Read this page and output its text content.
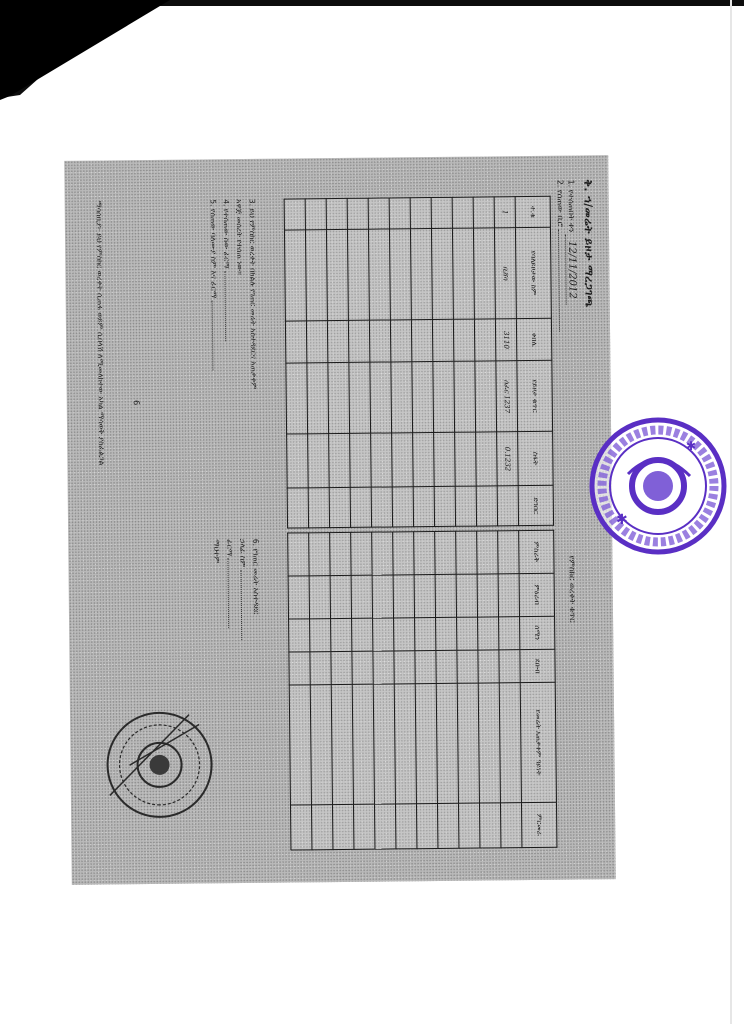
ቅ. ኀ/መሬት ይዞታ ማረጋገጫ
1. የተሰጠበት ቀን 12/11/2012
2. የሰጠው ቢሮ
የምስክር ወረቀት ቁጥር
ተ.ቁ	የባለይዞታው ስም	ቀበሌ	የይዞታ ቁጥር	ስፋት	ድንበር
1	ቢሸሳ	3110	ሰፈር 1237	0.1232	

ምስራቅ	ምዕራብ	ሰሜን	ደቡብ	የመሬት አጠቃቀም ዓይነት	ምርመራ

3. ይህ የምስክር ወረቀት በክልሉ የገጠር መሬት አስተዳደርና አጠቃቀም
አዋጅ መሰረት የተሰጠ ነው።
4. የተሰጠው ሰው ፊርማ
5. የሰጠው ባለሙያ ስም እና ፊርማ
6. የገጠር መሬት አስተዳደር
ኃላፊ ስም
ፊርማ
ማህተም
6
ማሳሰቢያ፦ ይህ የምስክር ወረቀት ሲጠፋ ወይም ሲበላሽ ለሚመለከተው አካል ማሳወቅ ያስፈልጋል
✱
✱
